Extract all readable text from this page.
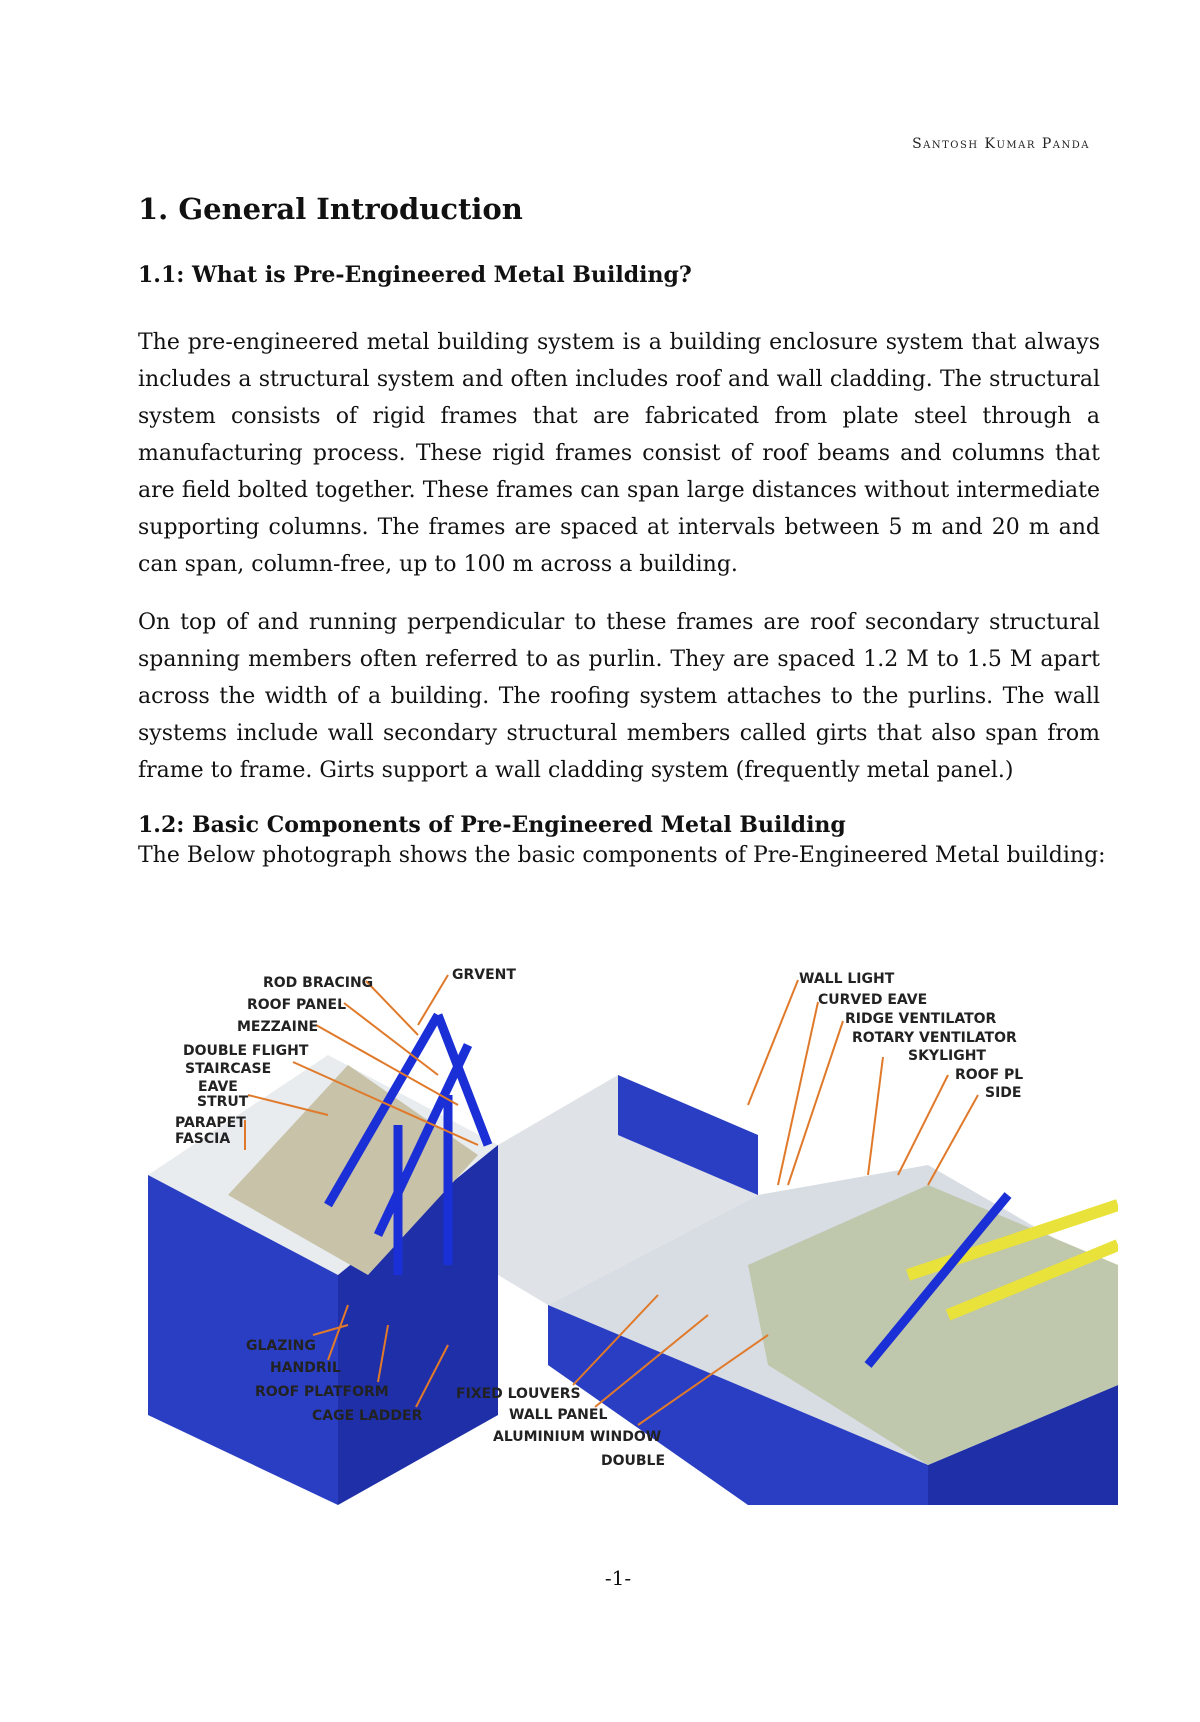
Santosh Kumar Panda
1. General Introduction
1.1: What is Pre-Engineered Metal Building?

The pre-engineered metal building system is a building enclosure system that always includes a structural system and often includes roof and wall cladding. The structural system consists of rigid frames that are fabricated from plate steel through a manufacturing process. These rigid frames consist of roof beams and columns that are field bolted together. These frames can span large distances without intermediate supporting columns. The frames are spaced at intervals between 5 m and 20 m and can span, column-free, up to 100 m across a building.

On top of and running perpendicular to these frames are roof secondary structural spanning members often referred to as purlin. They are spaced 1.2 M to 1.5 M apart across the width of a building. The roofing system attaches to the purlins. The wall systems include wall secondary structural members called girts that also span from frame to frame. Girts support a wall cladding system (frequently metal panel.)

1.2: Basic Components of Pre-Engineered Metal Building

The Below photograph shows the basic components of Pre-Engineered Metal building:

ROD BRACING
ROOF PANEL
MEZZAINE
DOUBLE FLIGHT
STAIRCASE
EAVE
STRUT
PARAPET
FASCIA
GRVENT	WALL LIGHT
CURVED EAVE
RIDGE VENTILATOR
ROTARY VENTILATOR
SKYLIGHT
ROOF PL
SIDE
GLAZING
HANDRIL
ROOF PLATFORM
CAGE LADDER
FIXED LOUVERS
WALL PANEL
ALUMINIUM WINDOW
DOUBLE
-1-
